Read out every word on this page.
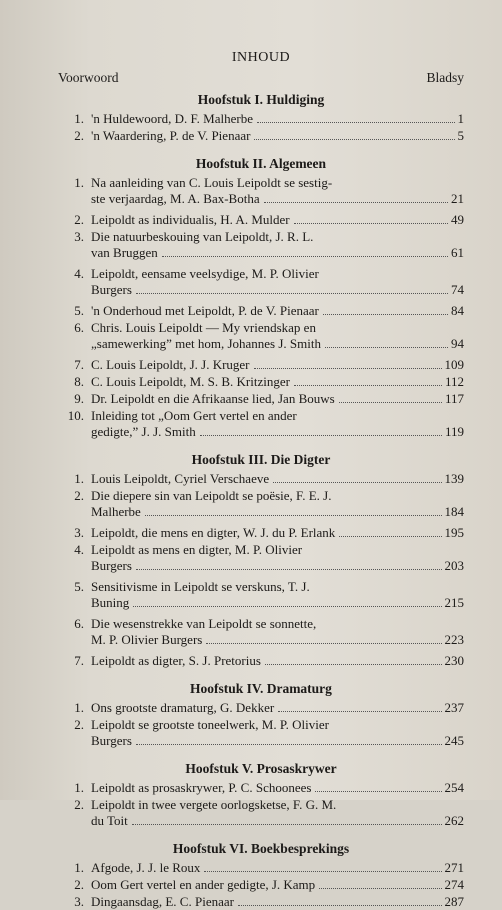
INHOUD
Voorwoord	Bladsy
Hoofstuk I. Huldiging
1. 'n Huldewoord, D. F. Malherbe	1
2. 'n Waardering, P. de V. Pienaar	5
Hoofstuk II. Algemeen
1. Na aanleiding van C. Louis Leipoldt se sestig-
ste verjaardag, M. A. Bax-Botha	21
2. Leipoldt as individualis, H. A. Mulder	49
3. Die natuurbeskouing van Leipoldt, J. R. L.
van Bruggen	61
4. Leipoldt, eensame veelsydige, M. P. Olivier
Burgers	74
5. 'n Onderhoud met Leipoldt, P. de V. Pienaar	84
6. Chris. Louis Leipoldt — My vriendskap en
„samewerking” met hom, Johannes J. Smith	94
7. C. Louis Leipoldt, J. J. Kruger	109
8. C. Louis Leipoldt, M. S. B. Kritzinger	112
9. Dr. Leipoldt en die Afrikaanse lied, Jan Bouws	117
10. Inleiding tot „Oom Gert vertel en ander
gedigte,” J. J. Smith	119
Hoofstuk III. Die Digter
1. Louis Leipoldt, Cyriel Verschaeve	139
2. Die diepere sin van Leipoldt se poësie, F. E. J.
Malherbe	184
3. Leipoldt, die mens en digter, W. J. du P. Erlank	195
4. Leipoldt as mens en digter, M. P. Olivier
Burgers	203
5. Sensitivisme in Leipoldt se verskuns, T. J.
Buning	215
6. Die wesenstrekke van Leipoldt se sonnette,
M. P. Olivier Burgers	223
7. Leipoldt as digter, S. J. Pretorius	230
Hoofstuk IV. Dramaturg
1. Ons grootste dramaturg, G. Dekker	237
2. Leipoldt se grootste toneelwerk, M. P. Olivier
Burgers	245
Hoofstuk V. Prosaskrywer
1. Leipoldt as prosaskrywer, P. C. Schoonees	254
2. Leipoldt in twee vergete oorlogsketse, F. G. M.
du Toit	262
Hoofstuk VI. Boekbesprekings
1. Afgode, J. J. le Roux	271
2. Oom Gert vertel en ander gedigte, J. Kamp	274
3. Dingaansdag, E. C. Pienaar	287
